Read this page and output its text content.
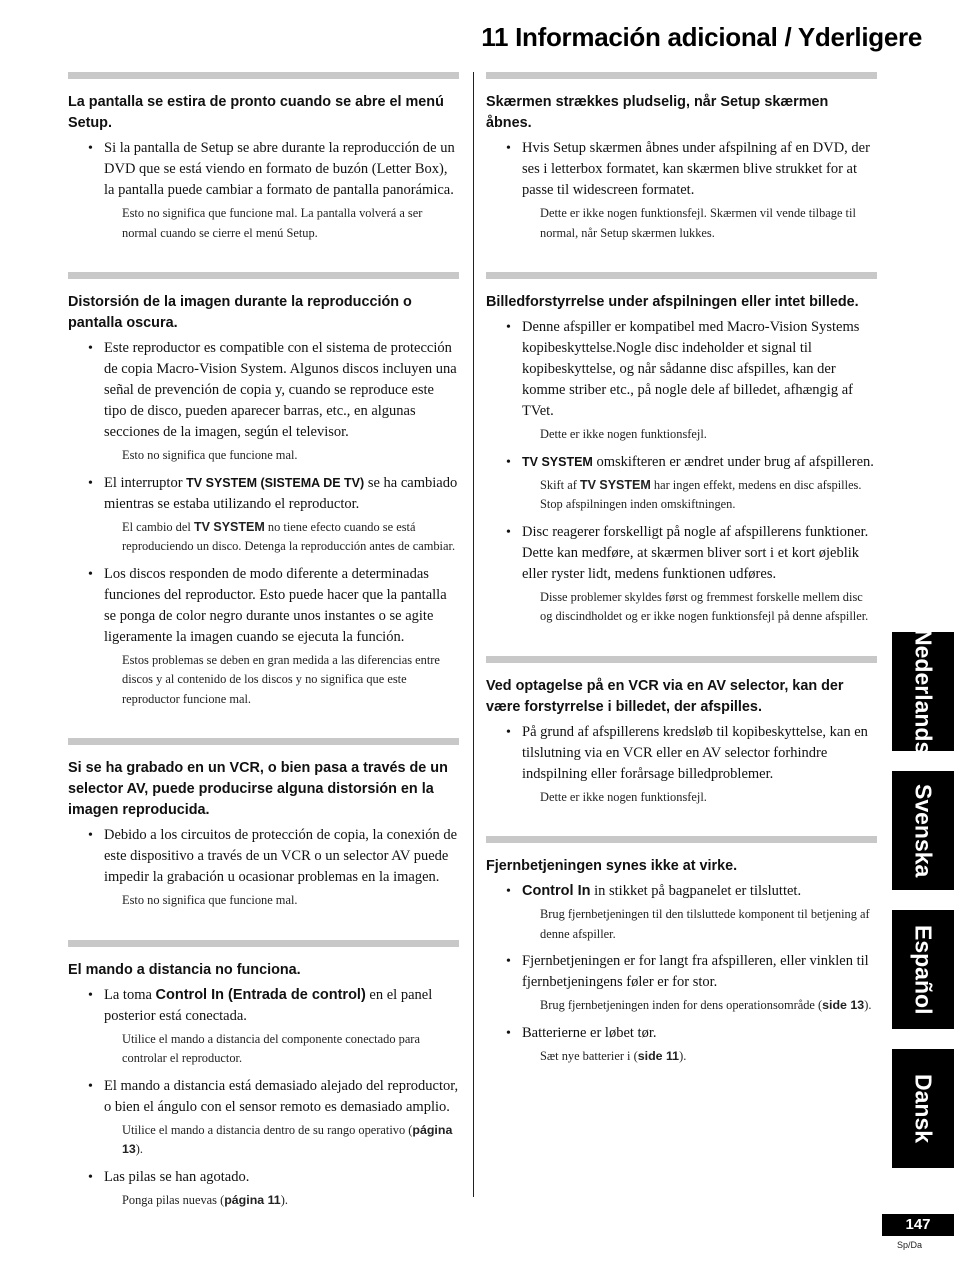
11 Información adicional / Yderligere
La pantalla se estira de pronto cuando se abre el menú Setup.
• Si la pantalla de Setup se abre durante la reproducción de un DVD que se está viendo en formato de buzón (Letter Box), la pantalla puede cambiar a formato de pantalla panorámica.

Esto no significa que funcione mal. La pantalla volverá a ser normal cuando se cierre el menú Setup.

Distorsión de la imagen durante la reproducción o pantalla oscura.
• Este reproductor es compatible con el sistema de protección de copia Macro-Vision System. Algunos discos incluyen una señal de prevención de copia y, cuando se reproduce este tipo de disco, pueden aparecer barras, etc., en algunas secciones de la imagen, según el televisor.

Esto no significa que funcione mal.

• El interruptor TV SYSTEM (SISTEMA DE TV) se ha cambiado mientras se estaba utilizando el reproductor.

El cambio del TV SYSTEM no tiene efecto cuando se está reproduciendo un disco. Detenga la reproducción antes de cambiar.

• Los discos responden de modo diferente a determinadas funciones del reproductor. Esto puede hacer que la pantalla se ponga de color negro durante unos instantes o se agite ligeramente la imagen cuando se ejecuta la función.

Estos problemas se deben en gran medida a las diferencias entre discos y al contenido de los discos y no significa que este reproductor funcione mal.

Si se ha grabado en un VCR, o bien pasa a través de un selector AV, puede producirse alguna distorsión en la imagen reproducida.
• Debido a los circuitos de protección de copia, la conexión de este dispositivo a través de un VCR o un selector AV puede impedir la grabación u ocasionar problemas en la imagen.

Esto no significa que funcione mal.

El mando a distancia no funciona.
• La toma Control In (Entrada de control) en el panel posterior está conectada.

Utilice el mando a distancia del componente conectado para controlar el reproductor.

• El mando a distancia está demasiado alejado del reproductor, o bien el ángulo con el sensor remoto es demasiado amplio.

Utilice el mando a distancia dentro de su rango operativo (página 13).

• Las pilas se han agotado.

Ponga pilas nuevas (página 11).

Skærmen strækkes pludselig, når Setup skærmen åbnes.
• Hvis Setup skærmen åbnes under afspilning af en DVD, der ses i letterbox formatet, kan skærmen blive strukket for at passe til widescreen formatet.

Dette er ikke nogen funktionsfejl. Skærmen vil vende tilbage til normal, når Setup skærmen lukkes.

Billedforstyrrelse under afspilningen eller intet billede.
• Denne afspiller er kompatibel med Macro-Vision Systems kopibeskyttelse.Nogle disc indeholder et signal til kopibeskyttelse, og når sådanne disc afspilles, kan der komme striber etc., på nogle dele af billedet, afhængig af TVet.

Dette er ikke nogen funktionsfejl.

• TV SYSTEM omskifteren er ændret under brug af afspilleren.

Skift af TV SYSTEM har ingen effekt, medens en disc afspilles. Stop afspilningen inden omskiftningen.

• Disc reagerer forskelligt på nogle af afspillerens funktioner. Dette kan medføre, at skærmen bliver sort i et kort øjeblik eller ryster lidt, medens funktionen udføres.

Disse problemer skyldes først og fremmest forskelle mellem disc og discindholdet og er ikke nogen funktionsfejl på denne afspiller.

Ved optagelse på en VCR via en AV selector, kan der være forstyrrelse i billedet, der afspilles.
• På grund af afspillerens kredsløb til kopibeskyttelse, kan en tilslutning via en VCR eller en AV selector forhindre indspilning eller forårsage billedproblemer.

Dette er ikke nogen funktionsfejl.

Fjernbetjeningen synes ikke at virke.
• Control In in stikket på bagpanelet er tilsluttet.

Brug fjernbetjeningen til den tilsluttede komponent til betjening af denne afspiller.

• Fjernbetjeningen er for langt fra afspilleren, eller vinklen til fjernbetjeningens føler er for stor.

Brug fjernbetjeningen inden for dens operationsområde (side 13).

• Batterierne er løbet tør.

Sæt nye batterier i (side 11).

Nederlands
Svenska
Español
Dansk
147
Sp/Da
